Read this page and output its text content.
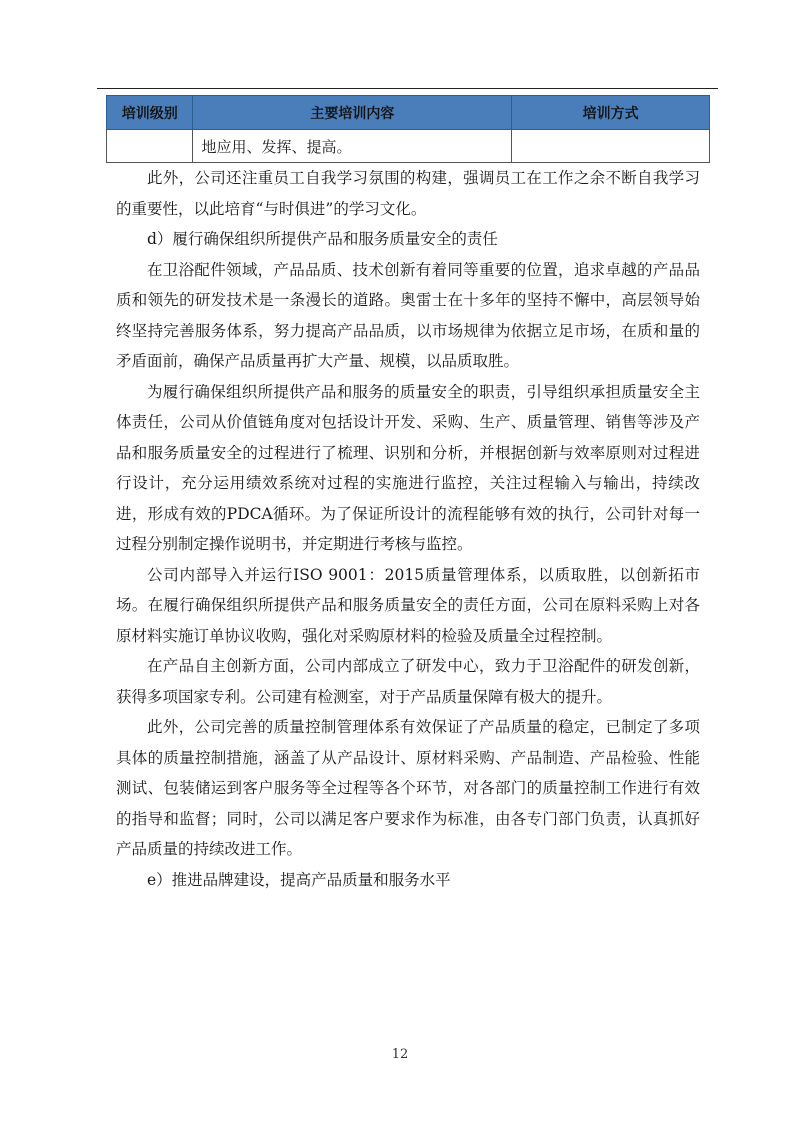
培训级别	主要培训内容	培训方式
	地应用、发挥、提高。	

此外，公司还注重员工自我学习氛围的构建，强调员工在工作之余不断自我学习的重要性，以此培育“与时俱进”的学习文化。

d）履行确保组织所提供产品和服务质量安全的责任

在卫浴配件领域，产品品质、技术创新有着同等重要的位置，追求卓越的产品品质和领先的研发技术是一条漫长的道路。奥雷士在十多年的坚持不懈中，高层领导始终坚持完善服务体系，努力提高产品品质，以市场规律为依据立足市场，在质和量的矛盾面前，确保产品质量再扩大产量、规模，以品质取胜。

为履行确保组织所提供产品和服务的质量安全的职责，引导组织承担质量安全主体责任，公司从价值链角度对包括设计开发、采购、生产、质量管理、销售等涉及产品和服务质量安全的过程进行了梳理、识别和分析，并根据创新与效率原则对过程进行设计，充分运用绩效系统对过程的实施进行监控，关注过程输入与输出，持续改进，形成有效的PDCA循环。为了保证所设计的流程能够有效的执行，公司针对每一过程分别制定操作说明书，并定期进行考核与监控。

公司内部导入并运行ISO 9001：2015质量管理体系，以质取胜，以创新拓市场。在履行确保组织所提供产品和服务质量安全的责任方面，公司在原料采购上对各原材料实施订单协议收购，强化对采购原材料的检验及质量全过程控制。

在产品自主创新方面，公司内部成立了研发中心，致力于卫浴配件的研发创新，获得多项国家专利。公司建有检测室，对于产品质量保障有极大的提升。

此外，公司完善的质量控制管理体系有效保证了产品质量的稳定，已制定了多项具体的质量控制措施，涵盖了从产品设计、原材料采购、产品制造、产品检验、性能测试、包装储运到客户服务等全过程等各个环节，对各部门的质量控制工作进行有效的指导和监督；同时，公司以满足客户要求作为标准，由各专门部门负责，认真抓好产品质量的持续改进工作。

e）推进品牌建设，提高产品质量和服务水平

12
